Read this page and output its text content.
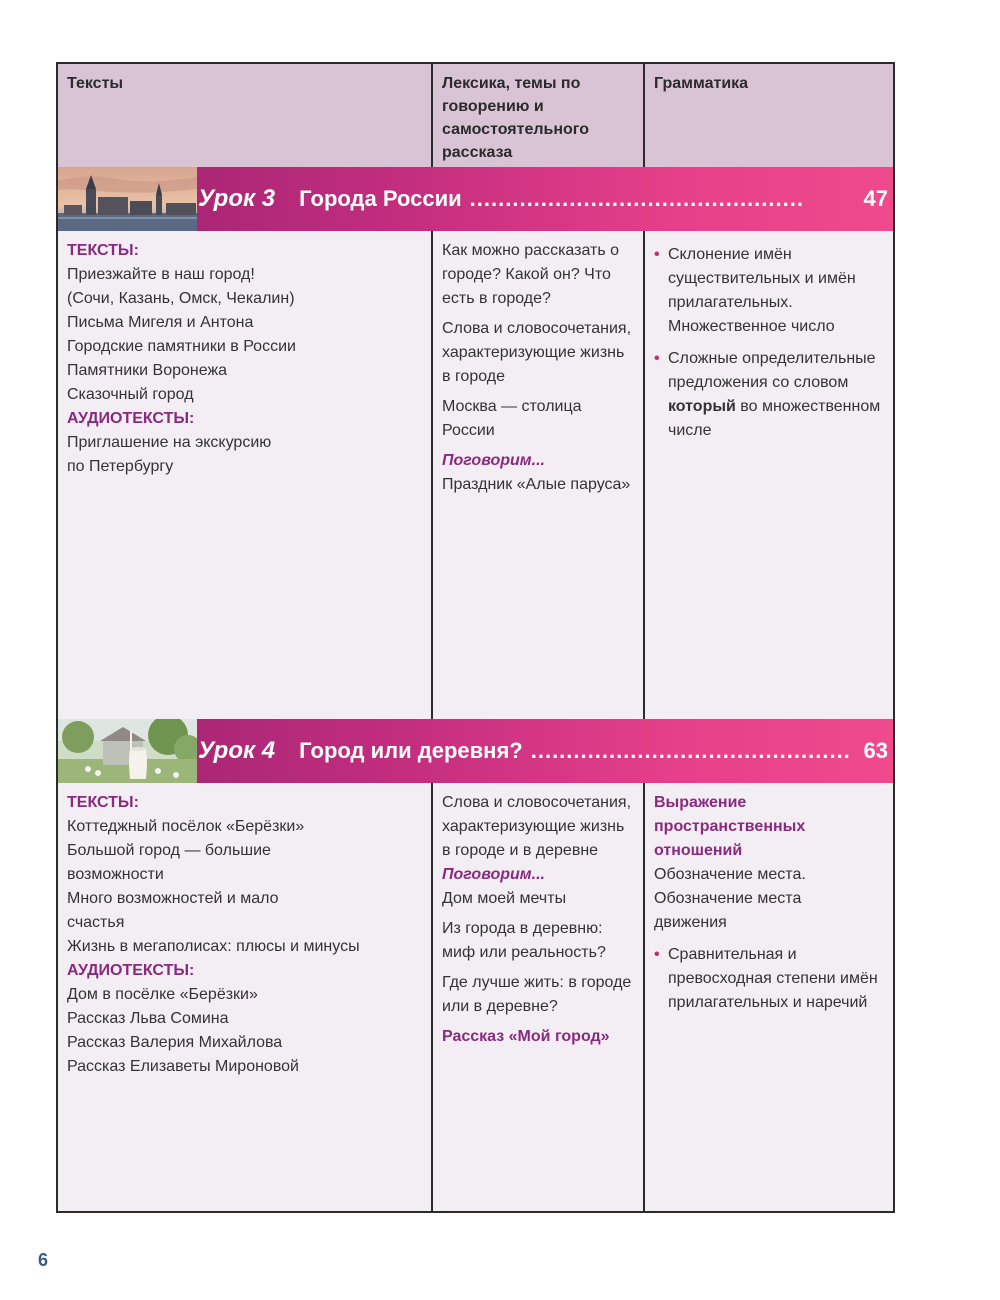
Тексты	Лексика, темы по говорению и самостоятельного рассказа
Грамматика
Урок 3 Города России ...............................................	47

ТЕКСТЫ:

Приезжайте в наш город!

(Сочи, Казань, Омск, Чекалин)

Письма Мигеля и Антона

Городские памятники в России

Памятники Воронежа

Сказочный город

АУДИОТЕКСТЫ:

Приглашение на экскурсию

по Петербургу

Как можно рассказать о городе? Какой он? Что есть в городе?

Слова и словосочетания, характеризующие жизнь в городе

Москва — столица России

Поговорим...

Праздник «Алые паруса»

• Склонение имён существительных и имён прилагательных. Множественное число

• Сложные определительные предложения со словом который во множественном числе

Урок 4 Город или деревня? ............................................. 63

ТЕКСТЫ:

Коттеджный посёлок «Берёзки»

Большой город — большие возможности

Много возможностей и мало счастья

Жизнь в мегаполисах: плюсы и минусы

АУДИОТЕКСТЫ:

Дом в посёлке «Берёзки»

Рассказ Льва Сомина

Рассказ Валерия Михайлова

Рассказ Елизаветы Мироновой

Слова и словосочетания, характеризующие жизнь в городе и в деревне

Поговорим...

Дом моей мечты

Из города в деревню: миф или реальность?

Где лучше жить: в городе или в деревне?

Рассказ «Мой город»

Выражение пространственных отношений

Обозначение места. Обозначение места движения

• Сравнительная и превосходная степени имён прилагательных и наречий

6
